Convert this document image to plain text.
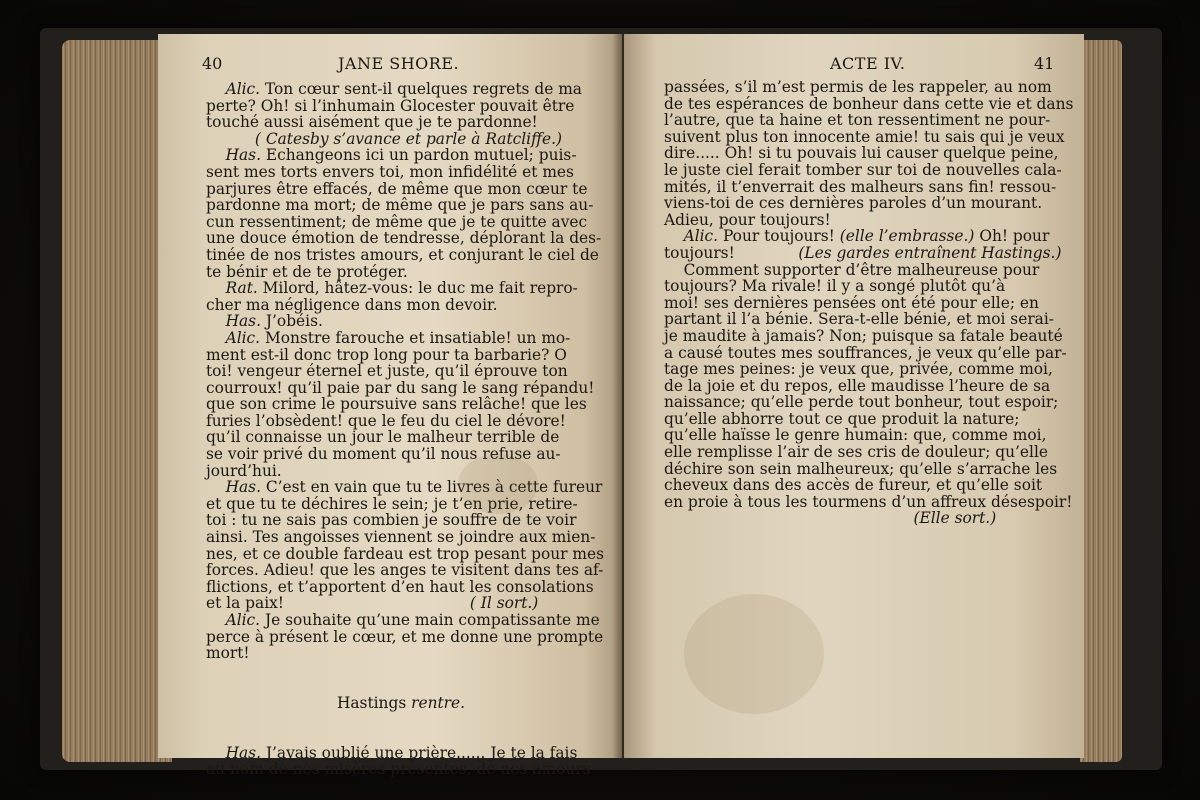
40	JANE SHORE.
Alic. Ton cœur sent-il quelques regrets de ma
perte? Oh! si l’inhumain Glocester pouvait être
touché aussi aisément que je te pardonne!
( Catesby s’avance et parle à Ratcliffe.)
Has. Echangeons ici un pardon mutuel; puis-
sent mes torts envers toi, mon infidélité et mes
parjures être effacés, de même que mon cœur te
pardonne ma mort; de même que je pars sans au-
cun ressentiment; de même que je te quitte avec
une douce émotion de tendresse, déplorant la des-
tinée de nos tristes amours, et conjurant le ciel de
te bénir et de te protéger.
Rat. Milord, hâtez-vous: le duc me fait repro-
cher ma négligence dans mon devoir.
Has. J’obéis.
Alic. Monstre farouche et insatiable! un mo-
ment est-il donc trop long pour ta barbarie? O
toi! vengeur éternel et juste, qu’il éprouve ton
courroux! qu’il paie par du sang le sang répandu!
que son crime le poursuive sans relâche! que les
furies l’obsèdent! que le feu du ciel le dévore!
qu’il connaisse un jour le malheur terrible de
se voir privé du moment qu’il nous refuse au-
jourd’hui.
Has. C’est en vain que tu te livres à cette fureur
et que tu te déchires le sein; je t’en prie, retire-
toi : tu ne sais pas combien je souffre de te voir
ainsi. Tes angoisses viennent se joindre aux mien-
nes, et ce double fardeau est trop pesant pour mes
forces. Adieu! que les anges te visitent dans tes af-
flictions, et t’apportent d’en haut les consolations
et la paix!                                      ( Il sort.)
Alic. Je souhaite qu’une main compatissante me
perce à présent le cœur, et me donne une prompte
mort!
Hastings rentre.
Has. J’avais oublié une prière...... Je te la fais
au nom de nos misères présentes, de nos amours
ACTE IV.	41
passées, s’il m’est permis de les rappeler, au nom
de tes espérances de bonheur dans cette vie et dans
l’autre, que ta haine et ton ressentiment ne pour-
suivent plus ton innocente amie! tu sais qui je veux
dire..... Oh! si tu pouvais lui causer quelque peine,
le juste ciel ferait tomber sur toi de nouvelles cala-
mités, il t’enverrait des malheurs sans fin! ressou-
viens-toi de ces dernières paroles d’un mourant.
Adieu, pour toujours!
Alic. Pour toujours! (elle l’embrasse.) Oh! pour
toujours!             (Les gardes entraînent Hastings.)
Comment supporter d’être malheureuse pour
toujours? Ma rivale! il y a songé plutôt qu’à
moi! ses dernières pensées ont été pour elle; en
partant il l’a bénie. Sera-t-elle bénie, et moi serai-
je maudite à jamais? Non; puisque sa fatale beauté
a causé toutes mes souffrances, je veux qu’elle par-
tage mes peines: je veux que, privée, comme moi,
de la joie et du repos, elle maudisse l’heure de sa
naissance; qu’elle perde tout bonheur, tout espoir;
qu’elle abhorre tout ce que produit la nature;
qu’elle haïsse le genre humain: que, comme moi,
elle remplisse l’air de ses cris de douleur; qu’elle
déchire son sein malheureux; qu’elle s’arrache les
cheveux dans des accès de fureur, et qu’elle soit
en proie à tous les tourmens d’un affreux désespoir!
(Elle sort.)
